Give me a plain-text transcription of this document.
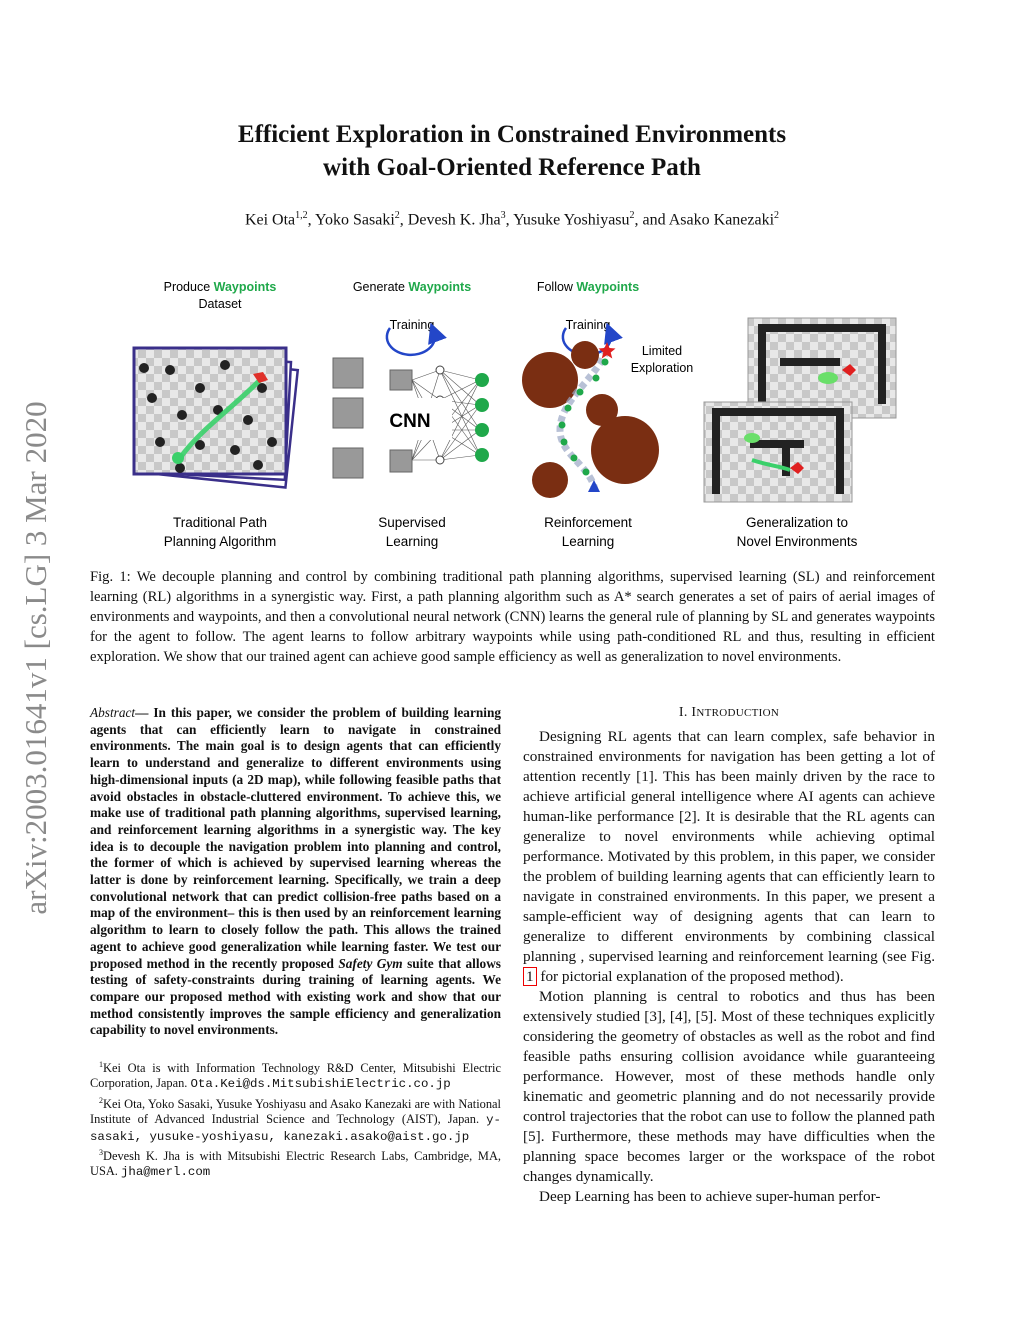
Efficient Exploration in Constrained Environments
with Goal-Oriented Reference Path
Kei Ota$^{1,2}$, Yoko Sasaki$^2$, Devesh K. Jha$^3$, Yusuke Yoshiyasu$^2$, and Asako Kanezaki$^2$
arXiv:2003.01641v1 [cs.LG] 3 Mar 2020
Produce Waypoints
Dataset
Generate Waypoints
Training
CNN
Follow Waypoints
Training
Limited
Exploration
Traditional Path
Planning Algorithm
Supervised
Learning
Reinforcement
Learning
Generalization to
Novel Environments
Fig. 1: We decouple planning and control by combining traditional path planning algorithms, supervised learning (SL) and reinforcement learning (RL) algorithms in a synergistic way. First, a path planning algorithm such as A* search generates a set of pairs of aerial images of environments and waypoints, and then a convolutional neural network (CNN) learns the general rule of planning by SL and generates waypoints for the agent to follow. The agent learns to follow arbitrary waypoints while using path-conditioned RL and thus, resulting in efficient exploration. We show that our trained agent can achieve good sample efficiency as well as generalization to novel environments.
Abstract— In this paper, we consider the problem of building learning agents that can efficiently learn to navigate in constrained environments. The main goal is to design agents that can efficiently learn to understand and generalize to different environments using high-dimensional inputs (a 2D map), while following feasible paths that avoid obstacles in obstacle-cluttered environment. To achieve this, we make use of traditional path planning algorithms, supervised learning, and reinforcement learning algorithms in a synergistic way. The key idea is to decouple the navigation problem into planning and control, the former of which is achieved by supervised learning whereas the latter is done by reinforcement learning. Specifically, we train a deep convolutional network that can predict collision-free paths based on a map of the environment– this is then used by an reinforcement learning algorithm to learn to closely follow the path. This allows the trained agent to achieve good generalization while learning faster. We test our proposed method in the recently proposed Safety Gym suite that allows testing of safety-constraints during training of learning agents. We compare our proposed method with existing work and show that our method consistently improves the sample efficiency and generalization capability to novel environments.

$^1$Kei Ota is with Information Technology R&D Center, Mitsubishi Electric Corporation, Japan. Ota.Kei@ds.MitsubishiElectric.co.jp

$^2$Kei Ota, Yoko Sasaki, Yusuke Yoshiyasu and Asako Kanezaki are with National Institute of Advanced Industrial Science and Technology (AIST), Japan. y-sasaki, yusuke-yoshiyasu, kanezaki.asako@aist.go.jp

$^3$Devesh K. Jha is with Mitsubishi Electric Research Labs, Cambridge, MA, USA. jha@merl.com

I. INTRODUCTION

Designing RL agents that can learn complex, safe behavior in constrained environments for navigation has been getting a lot of attention recently [1]. This has been mainly driven by the race to achieve artificial general intelligence where AI agents can achieve human-like performance [2]. It is desirable that the RL agents can generalize to novel environments while achieving optimal performance. Motivated by this problem, in this paper, we consider the problem of building learning agents that can efficiently learn to navigate in constrained environments. In this paper, we present a sample-efficient way of designing agents that can learn to generalize to different environments by combining classical planning , supervised learning and reinforcement learning (see Fig. 1 for pictorial explanation of the proposed method).

Motion planning is central to robotics and thus has been extensively studied [3], [4], [5]. Most of these techniques explicitly considering the geometry of obstacles as well as the robot and find feasible paths ensuring collision avoidance while guaranteeing performance. However, most of these methods handle only kinematic and geometric planning and do not necessarily provide control trajectories that the robot can use to follow the planned path [5]. Furthermore, these methods may have difficulties when the planning space becomes larger or the workspace of the robot changes dynamically.

Deep Learning has been to achieve super-human perfor-
